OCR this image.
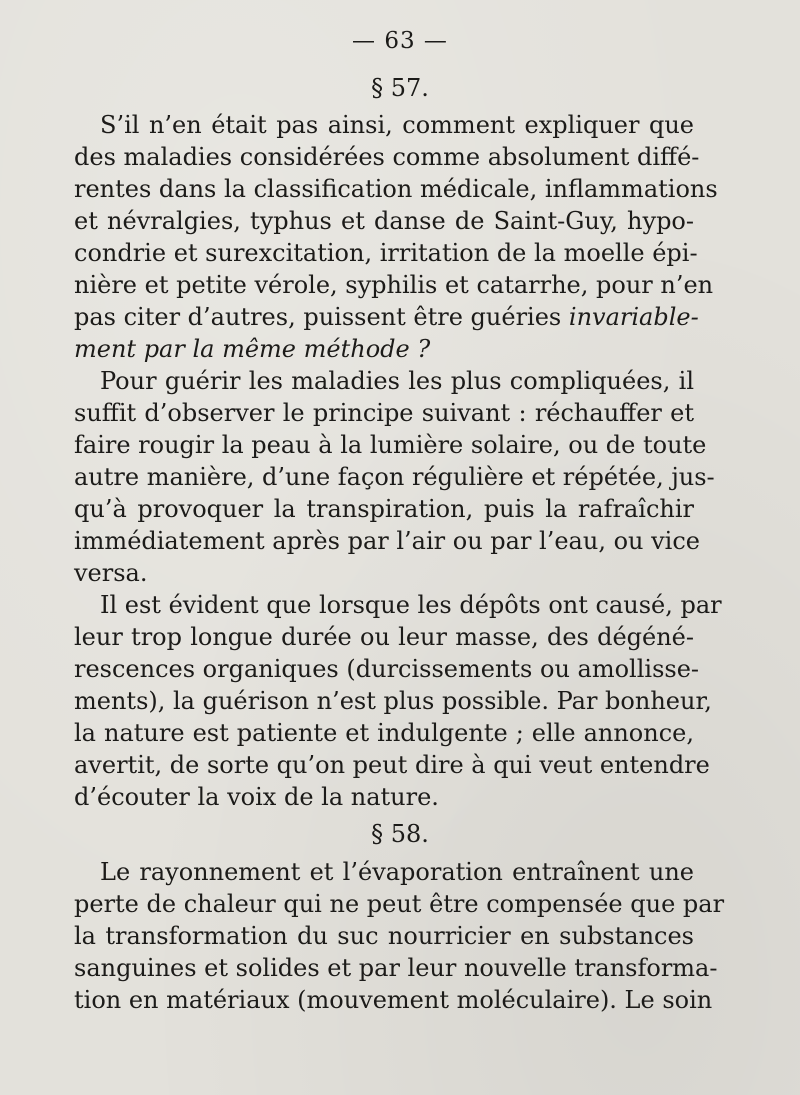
— 63 —
§ 57.
S’il n’en était pas ainsi, comment expliquer que
des maladies considérées comme absolument diffé-
rentes dans la classification médicale, inflammations
et névralgies, typhus et danse de Saint-Guy, hypo-
condrie et surexcitation, irritation de la moelle épi-
nière et petite vérole, syphilis et catarrhe, pour n’en
pas citer d’autres, puissent être guéries invariable-
ment par la même méthode ?
Pour guérir les maladies les plus compliquées, il
suffit d’observer le principe suivant : réchauffer et
faire rougir la peau à la lumière solaire, ou de toute
autre manière, d’une façon régulière et répétée, jus-
qu’à provoquer la transpiration, puis la rafraîchir
immédiatement après par l’air ou par l’eau, ou vice
versa.
Il est évident que lorsque les dépôts ont causé, par
leur trop longue durée ou leur masse, des dégéné-
rescences organiques (durcissements ou amollisse-
ments), la guérison n’est plus possible. Par bonheur,
la nature est patiente et indulgente ; elle annonce,
avertit, de sorte qu’on peut dire à qui veut entendre
d’écouter la voix de la nature.
§ 58.
Le rayonnement et l’évaporation entraînent une
perte de chaleur qui ne peut être compensée que par
la transformation du suc nourricier en substances
sanguines et solides et par leur nouvelle transforma-
tion en matériaux (mouvement moléculaire). Le soin
